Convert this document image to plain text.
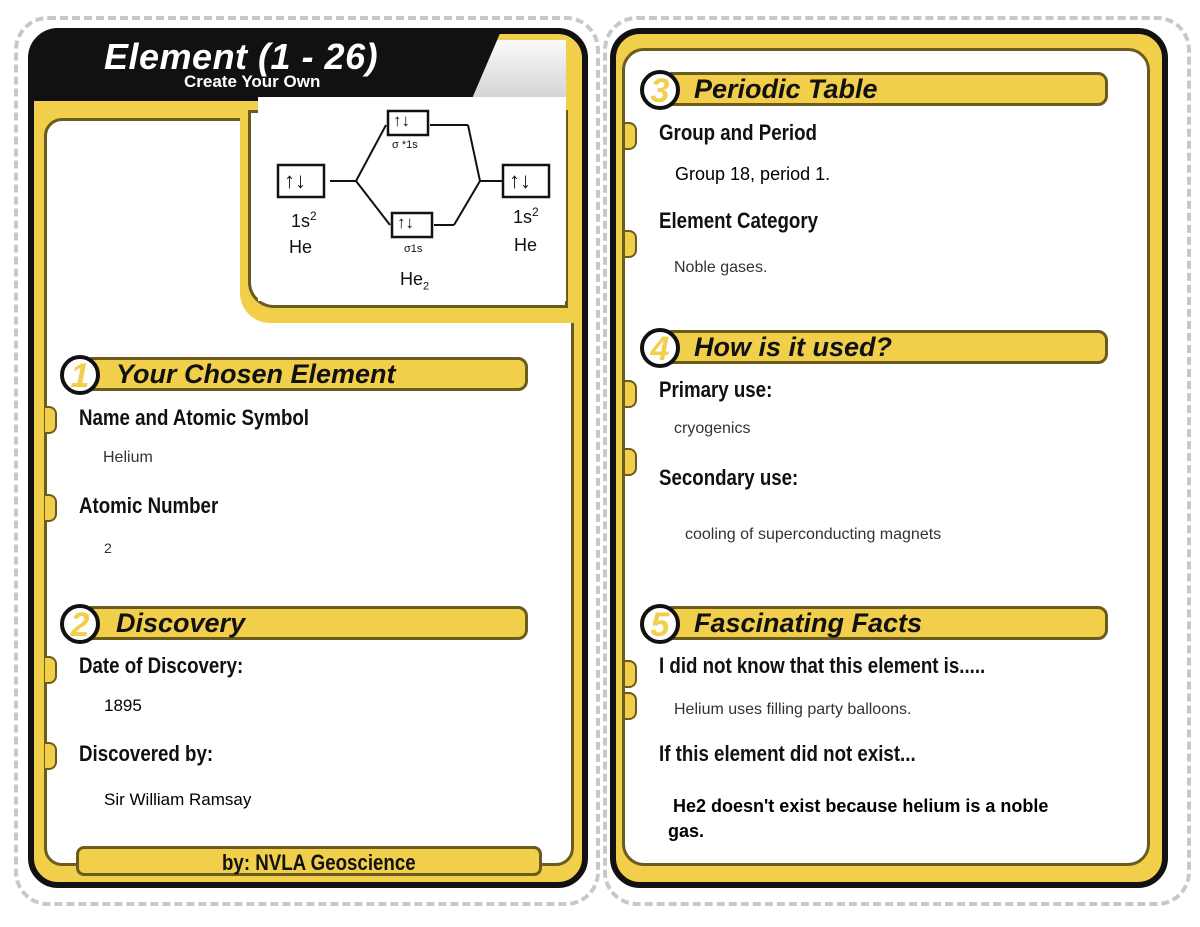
Element (1 - 26)
Create Your Own
↑↓	↑↓
↑↓
↑↓
σ *1s
σ1s
$1s^2$
He
$1s^2$
He
$He_2$
1 Your Chosen Element
Name and Atomic Symbol
Helium
Atomic Number
2
2 Discovery
Date of Discovery:
1895
Discovered by:
Sir William Ramsay
by: NVLA Geoscience
3 Periodic Table
Group and Period
Group 18, period 1.
Element Category
Noble gases.
4 How is it used?
Primary use:
cryogenics
Secondary use:
cooling of superconducting magnets
5 Fascinating Facts
I did not know that this element is.....
Helium uses filling party balloons.
If this element did not exist...
He2 doesn't exist because helium is a noble
gas.
